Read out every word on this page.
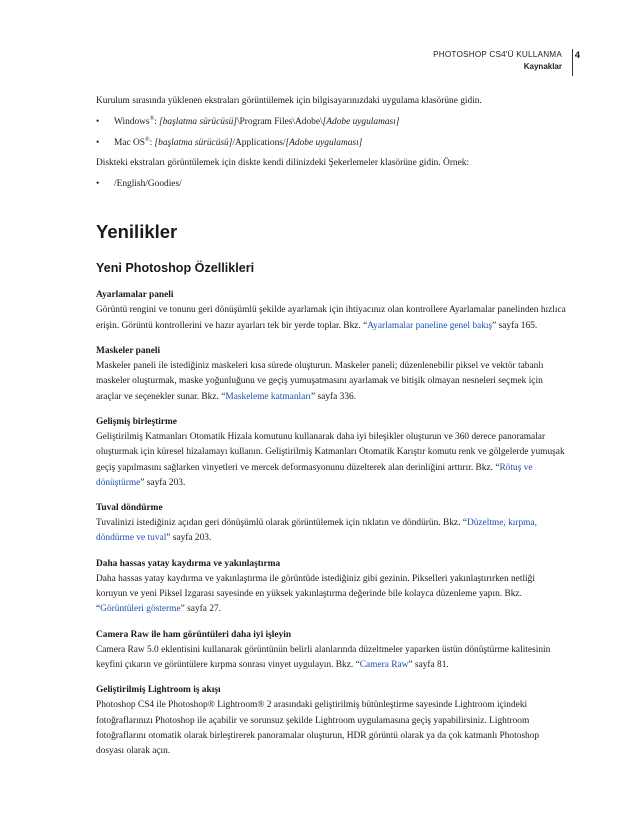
PHOTOSHOP CS4'Ü KULLANMA
Kaynaklar
4

Kurulum sırasında yüklenen ekstraları görüntülemek için bilgisayarınızdaki uygulama klasörüne gidin.

• Windows®: [başlatma sürücüsü]\Program Files\Adobe\[Adobe uygulaması]
• Mac OS®: [başlatma sürücüsü]/Applications/[Adobe uygulaması]

Diskteki ekstraları görüntülemek için diskte kendi dilinizdeki Şekerlemeler klasörüne gidin. Örnek:

• /English/Goodies/
Yenilikler
Yeni Photoshop Özellikleri

Ayarlamalar paneli

Görüntü rengini ve tonunu geri dönüşümlü şekilde ayarlamak için ihtiyacınız olan kontrollere Ayarlamalar panelinden hızlıca erişin. Görüntü kontrollerini ve hazır ayarları tek bir yerde toplar. Bkz. “Ayarlamalar paneline genel bakış” sayfa 165.

Maskeler paneli

Maskeler paneli ile istediğiniz maskeleri kısa sürede oluşturun. Maskeler paneli; düzenlenebilir piksel ve vektör tabanlı maskeler oluşturmak, maske yoğunluğunu ve geçiş yumuşatmasını ayarlamak ve bitişik olmayan nesneleri seçmek için araçlar ve seçenekler sunar. Bkz. “Maskeleme katmanları” sayfa 336.

Gelişmiş birleştirme

Geliştirilmiş Katmanları Otomatik Hizala komutunu kullanarak daha iyi bileşikler oluşturun ve 360 derece panoramalar oluşturmak için küresel hizalamayı kullanın. Geliştirilmiş Katmanları Otomatik Karıştır komutu renk ve gölgelerde yumuşak geçiş yapılmasını sağlarken vinyetleri ve mercek deformasyonunu düzelterek alan derinliğini arttırır. Bkz. “Rötuş ve dönüştürme” sayfa 203.

Tuval döndürme

Tuvalinizi istediğiniz açıdan geri dönüşümlü olarak görüntülemek için tıklatın ve döndürün. Bkz. “Düzeltme, kırpma, döndürme ve tuval” sayfa 203.

Daha hassas yatay kaydırma ve yakınlaştırma

Daha hassas yatay kaydırma ve yakınlaştırma ile görüntüde istediğiniz gibi gezinin. Pikselleri yakınlaştırırken netliği koruyun ve yeni Piksel Izgarası sayesinde en yüksek yakınlaştırma değerinde bile kolayca düzenleme yapın. Bkz. “Görüntüleri gösterme” sayfa 27.

Camera Raw ile ham görüntüleri daha iyi işleyin

Camera Raw 5.0 eklentisini kullanarak görüntünün belirli alanlarında düzeltmeler yaparken üstün dönüştürme kalitesinin keyfini çıkarın ve görüntülere kırpma sonrası vinyet uygulayın. Bkz. “Camera Raw” sayfa 81.

Geliştirilmiş Lightroom iş akışı

Photoshop CS4 ile Photoshop® Lightroom® 2 arasındaki geliştirilmiş bütünleştirme sayesinde Lightroom içindeki fotoğraflarınızı Photoshop ile açabilir ve sorunsuz şekilde Lightroom uygulamasına geçiş yapabilirsiniz. Lightroom fotoğraflarını otomatik olarak birleştirerek panoramalar oluşturun, HDR görüntü olarak ya da çok katmanlı Photoshop dosyası olarak açın.
